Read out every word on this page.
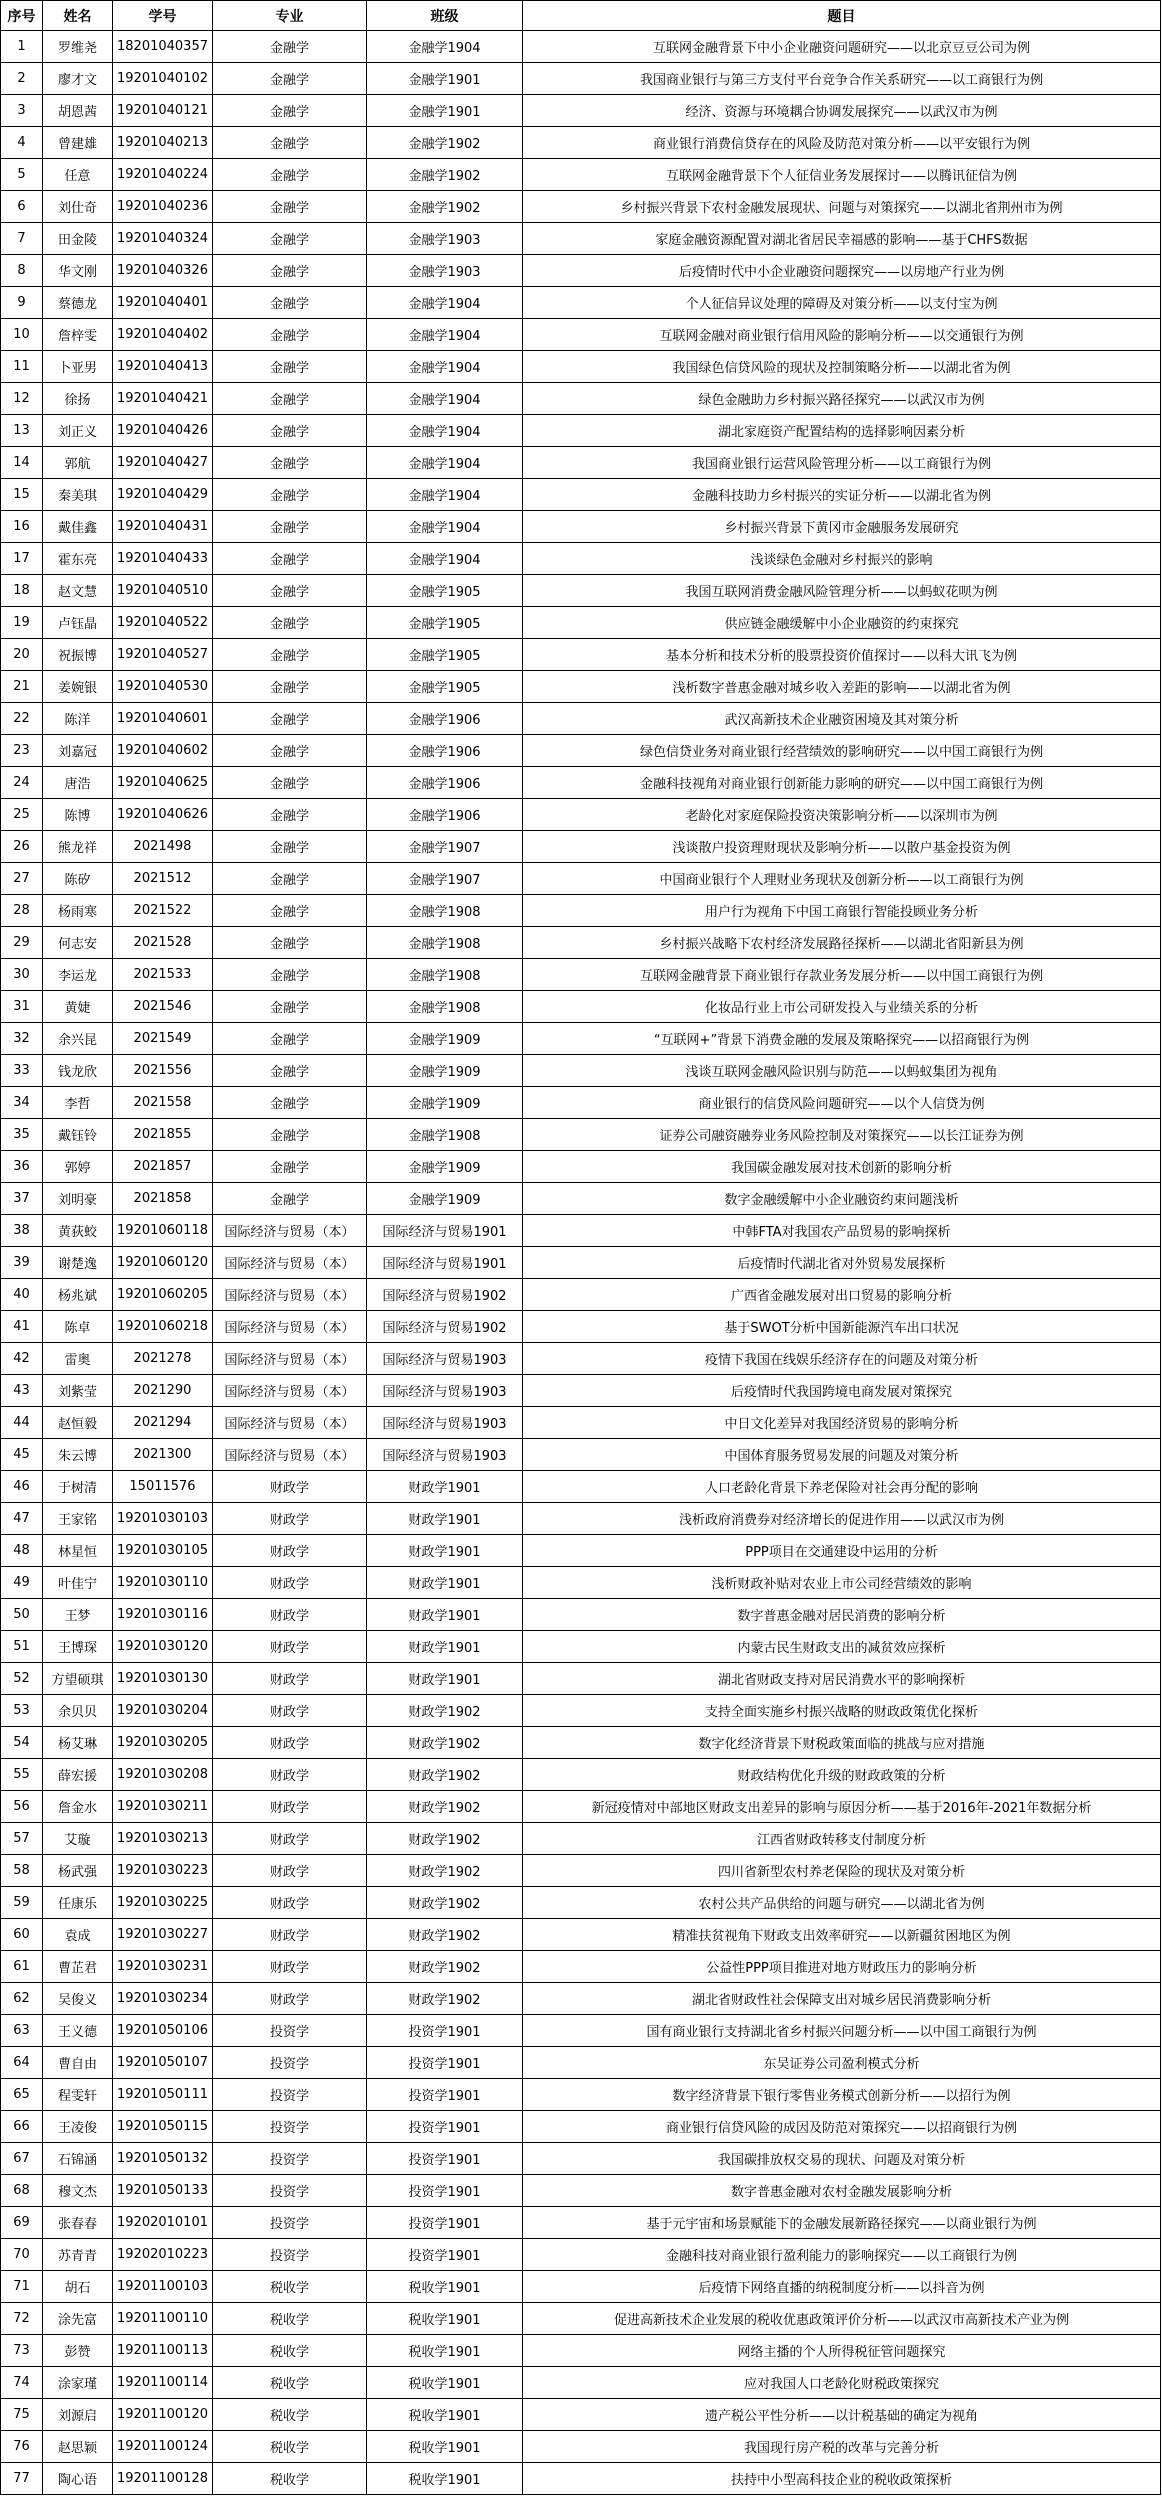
序号	姓名	学号	专业	班级	题目
1	罗维尧	18201040357	金融学	金融学1904	互联网金融背景下中小企业融资问题研究——以北京豆豆公司为例
2	廖才文	19201040102	金融学	金融学1901	我国商业银行与第三方支付平台竞争合作关系研究——以工商银行为例
3	胡恩茜	19201040121	金融学	金融学1901	经济、资源与环境耦合协调发展探究——以武汉市为例
4	曾建雄	19201040213	金融学	金融学1902	商业银行消费信贷存在的风险及防范对策分析——以平安银行为例
5	任意	19201040224	金融学	金融学1902	互联网金融背景下个人征信业务发展探讨——以腾讯征信为例
6	刘仕奇	19201040236	金融学	金融学1902	乡村振兴背景下农村金融发展现状、问题与对策探究——以湖北省荆州市为例
7	田金陵	19201040324	金融学	金融学1903	家庭金融资源配置对湖北省居民幸福感的影响——基于CHFS数据
8	华文刚	19201040326	金融学	金融学1903	后疫情时代中小企业融资问题探究——以房地产行业为例
9	蔡德龙	19201040401	金融学	金融学1904	个人征信异议处理的障碍及对策分析——以支付宝为例
10	詹梓雯	19201040402	金融学	金融学1904	互联网金融对商业银行信用风险的影响分析——以交通银行为例
11	卜亚男	19201040413	金融学	金融学1904	我国绿色信贷风险的现状及控制策略分析——以湖北省为例
12	徐扬	19201040421	金融学	金融学1904	绿色金融助力乡村振兴路径探究——以武汉市为例
13	刘正义	19201040426	金融学	金融学1904	湖北家庭资产配置结构的选择影响因素分析
14	郭航	19201040427	金融学	金融学1904	我国商业银行运营风险管理分析——以工商银行为例
15	秦美琪	19201040429	金融学	金融学1904	金融科技助力乡村振兴的实证分析——以湖北省为例
16	戴佳鑫	19201040431	金融学	金融学1904	乡村振兴背景下黄冈市金融服务发展研究
17	霍东亮	19201040433	金融学	金融学1904	浅谈绿色金融对乡村振兴的影响
18	赵文慧	19201040510	金融学	金融学1905	我国互联网消费金融风险管理分析——以蚂蚁花呗为例
19	卢钰晶	19201040522	金融学	金融学1905	供应链金融缓解中小企业融资的约束探究
20	祝振博	19201040527	金融学	金融学1905	基本分析和技术分析的股票投资价值探讨——以科大讯飞为例
21	姜婉银	19201040530	金融学	金融学1905	浅析数字普惠金融对城乡收入差距的影响——以湖北省为例
22	陈洋	19201040601	金融学	金融学1906	武汉高新技术企业融资困境及其对策分析
23	刘嘉冠	19201040602	金融学	金融学1906	绿色信贷业务对商业银行经营绩效的影响研究——以中国工商银行为例
24	唐浩	19201040625	金融学	金融学1906	金融科技视角对商业银行创新能力影响的研究——以中国工商银行为例
25	陈博	19201040626	金融学	金融学1906	老龄化对家庭保险投资决策影响分析——以深圳市为例
26	熊龙祥	2021498	金融学	金融学1907	浅谈散户投资理财现状及影响分析——以散户基金投资为例
27	陈矽	2021512	金融学	金融学1907	中国商业银行个人理财业务现状及创新分析——以工商银行为例
28	杨雨寒	2021522	金融学	金融学1908	用户行为视角下中国工商银行智能投顾业务分析
29	何志安	2021528	金融学	金融学1908	乡村振兴战略下农村经济发展路径探析——以湖北省阳新县为例
30	李运龙	2021533	金融学	金融学1908	互联网金融背景下商业银行存款业务发展分析——以中国工商银行为例
31	黄婕	2021546	金融学	金融学1908	化妆品行业上市公司研发投入与业绩关系的分析
32	余兴昆	2021549	金融学	金融学1909	“互联网+”背景下消费金融的发展及策略探究——以招商银行为例
33	钱龙欣	2021556	金融学	金融学1909	浅谈互联网金融风险识别与防范——以蚂蚁集团为视角
34	李哲	2021558	金融学	金融学1909	商业银行的信贷风险问题研究——以个人信贷为例
35	戴钰铃	2021855	金融学	金融学1908	证券公司融资融券业务风险控制及对策探究——以长江证券为例
36	郭婷	2021857	金融学	金融学1909	我国碳金融发展对技术创新的影响分析
37	刘明豪	2021858	金融学	金融学1909	数字金融缓解中小企业融资约束问题浅析
38	黄荻蛟	19201060118	国际经济与贸易（本）	国际经济与贸易1901	中韩FTA对我国农产品贸易的影响探析
39	谢楚逸	19201060120	国际经济与贸易（本）	国际经济与贸易1901	后疫情时代湖北省对外贸易发展探析
40	杨兆斌	19201060205	国际经济与贸易（本）	国际经济与贸易1902	广西省金融发展对出口贸易的影响分析
41	陈卓	19201060218	国际经济与贸易（本）	国际经济与贸易1902	基于SWOT分析中国新能源汽车出口状况
42	雷奥	2021278	国际经济与贸易（本）	国际经济与贸易1903	疫情下我国在线娱乐经济存在的问题及对策分析
43	刘紫莹	2021290	国际经济与贸易（本）	国际经济与贸易1903	后疫情时代我国跨境电商发展对策探究
44	赵恒毅	2021294	国际经济与贸易（本）	国际经济与贸易1903	中日文化差异对我国经济贸易的影响分析
45	朱云博	2021300	国际经济与贸易（本）	国际经济与贸易1903	中国体育服务贸易发展的问题及对策分析
46	于树清	15011576	财政学	财政学1901	人口老龄化背景下养老保险对社会再分配的影响
47	王家铭	19201030103	财政学	财政学1901	浅析政府消费券对经济增长的促进作用——以武汉市为例
48	林星恒	19201030105	财政学	财政学1901	PPP项目在交通建设中运用的分析
49	叶佳宁	19201030110	财政学	财政学1901	浅析财政补贴对农业上市公司经营绩效的影响
50	王梦	19201030116	财政学	财政学1901	数字普惠金融对居民消费的影响分析
51	王博琛	19201030120	财政学	财政学1901	内蒙古民生财政支出的减贫效应探析
52	方望硕琪	19201030130	财政学	财政学1901	湖北省财政支持对居民消费水平的影响探析
53	余贝贝	19201030204	财政学	财政学1902	支持全面实施乡村振兴战略的财政政策优化探析
54	杨艾琳	19201030205	财政学	财政学1902	数字化经济背景下财税政策面临的挑战与应对措施
55	薛宏援	19201030208	财政学	财政学1902	财政结构优化升级的财政政策的分析
56	詹金水	19201030211	财政学	财政学1902	新冠疫情对中部地区财政支出差异的影响与原因分析——基于2016年-2021年数据分析
57	艾璇	19201030213	财政学	财政学1902	江西省财政转移支付制度分析
58	杨武强	19201030223	财政学	财政学1902	四川省新型农村养老保险的现状及对策分析
59	任康乐	19201030225	财政学	财政学1902	农村公共产品供给的问题与研究——以湖北省为例
60	袁成	19201030227	财政学	财政学1902	精准扶贫视角下财政支出效率研究——以新疆贫困地区为例
61	曹芷君	19201030231	财政学	财政学1902	公益性PPP项目推进对地方财政压力的影响分析
62	吴俊义	19201030234	财政学	财政学1902	湖北省财政性社会保障支出对城乡居民消费影响分析
63	王义德	19201050106	投资学	投资学1901	国有商业银行支持湖北省乡村振兴问题分析——以中国工商银行为例
64	曹自由	19201050107	投资学	投资学1901	东吴证券公司盈利模式分析
65	程雯轩	19201050111	投资学	投资学1901	数字经济背景下银行零售业务模式创新分析——以招行为例
66	王凌俊	19201050115	投资学	投资学1901	商业银行信贷风险的成因及防范对策探究——以招商银行为例
67	石锦涵	19201050132	投资学	投资学1901	我国碳排放权交易的现状、问题及对策分析
68	穆文杰	19201050133	投资学	投资学1901	数字普惠金融对农村金融发展影响分析
69	张春春	19202010101	投资学	投资学1901	基于元宇宙和场景赋能下的金融发展新路径探究——以商业银行为例
70	苏青青	19202010223	投资学	投资学1901	金融科技对商业银行盈利能力的影响探究——以工商银行为例
71	胡石	19201100103	税收学	税收学1901	后疫情下网络直播的纳税制度分析——以抖音为例
72	涂先富	19201100110	税收学	税收学1901	促进高新技术企业发展的税收优惠政策评价分析——以武汉市高新技术产业为例
73	彭赞	19201100113	税收学	税收学1901	网络主播的个人所得税征管问题探究
74	涂家瑾	19201100114	税收学	税收学1901	应对我国人口老龄化财税政策探究
75	刘源启	19201100120	税收学	税收学1901	遗产税公平性分析——以计税基础的确定为视角
76	赵思颖	19201100124	税收学	税收学1901	我国现行房产税的改革与完善分析
77	陶心语	19201100128	税收学	税收学1901	扶持中小型高科技企业的税收政策探析
